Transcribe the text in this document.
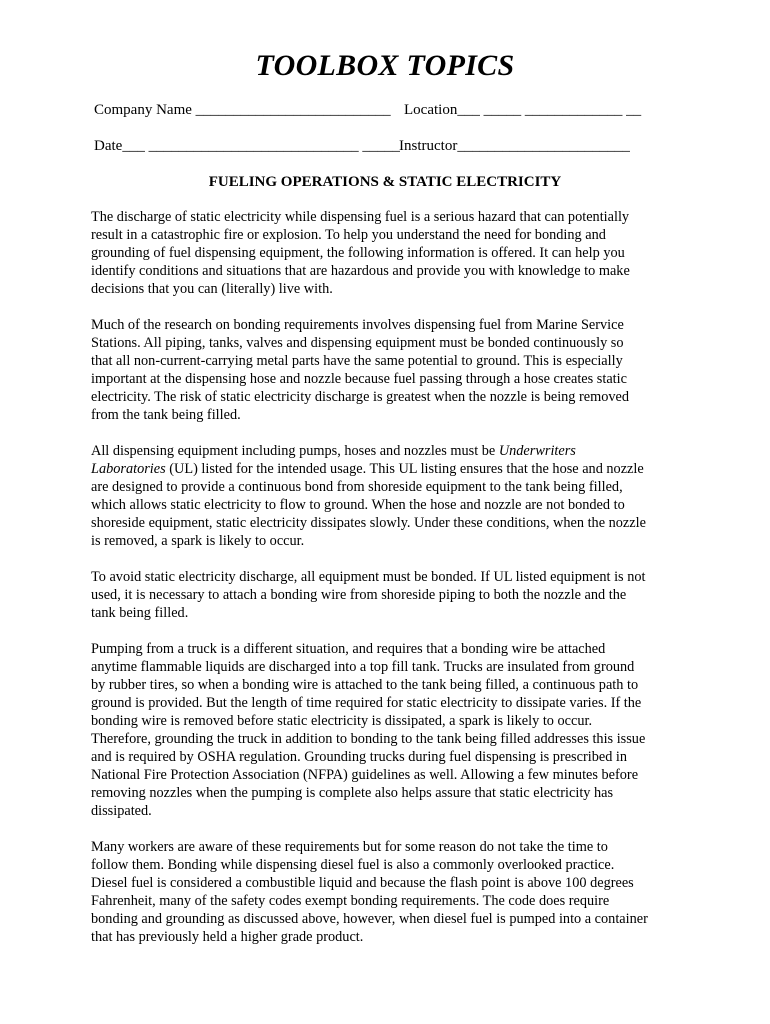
TOOLBOX TOPICS
Company Name __________________________ Location___ _____ _____________ __
Date___ ____________________________ _____ Instructor_______________________
FUELING OPERATIONS & STATIC ELECTRICITY

The discharge of static electricity while dispensing fuel is a serious hazard that can potentially
result in a catastrophic fire or explosion. To help you understand the need for bonding and
grounding of fuel dispensing equipment, the following information is offered. It can help you
identify conditions and situations that are hazardous and provide you with knowledge to make
decisions that you can (literally) live with.

Much of the research on bonding requirements involves dispensing fuel from Marine Service
Stations. All piping, tanks, valves and dispensing equipment must be bonded continuously so
that all non-current-carrying metal parts have the same potential to ground. This is especially
important at the dispensing hose and nozzle because fuel passing through a hose creates static
electricity. The risk of static electricity discharge is greatest when the nozzle is being removed
from the tank being filled.

All dispensing equipment including pumps, hoses and nozzles must be Underwriters
Laboratories (UL) listed for the intended usage. This UL listing ensures that the hose and nozzle
are designed to provide a continuous bond from shoreside equipment to the tank being filled,
which allows static electricity to flow to ground. When the hose and nozzle are not bonded to
shoreside equipment, static electricity dissipates slowly. Under these conditions, when the nozzle
is removed, a spark is likely to occur.

To avoid static electricity discharge, all equipment must be bonded. If UL listed equipment is not
used, it is necessary to attach a bonding wire from shoreside piping to both the nozzle and the
tank being filled.

Pumping from a truck is a different situation, and requires that a bonding wire be attached
anytime flammable liquids are discharged into a top fill tank. Trucks are insulated from ground
by rubber tires, so when a bonding wire is attached to the tank being filled, a continuous path to
ground is provided. But the length of time required for static electricity to dissipate varies. If the
bonding wire is removed before static electricity is dissipated, a spark is likely to occur.
Therefore, grounding the truck in addition to bonding to the tank being filled addresses this issue
and is required by OSHA regulation. Grounding trucks during fuel dispensing is prescribed in
National Fire Protection Association (NFPA) guidelines as well. Allowing a few minutes before
removing nozzles when the pumping is complete also helps assure that static electricity has
dissipated.

Many workers are aware of these requirements but for some reason do not take the time to
follow them. Bonding while dispensing diesel fuel is also a commonly overlooked practice.
Diesel fuel is considered a combustible liquid and because the flash point is above 100 degrees
Fahrenheit, many of the safety codes exempt bonding requirements. The code does require
bonding and grounding as discussed above, however, when diesel fuel is pumped into a container
that has previously held a higher grade product.
